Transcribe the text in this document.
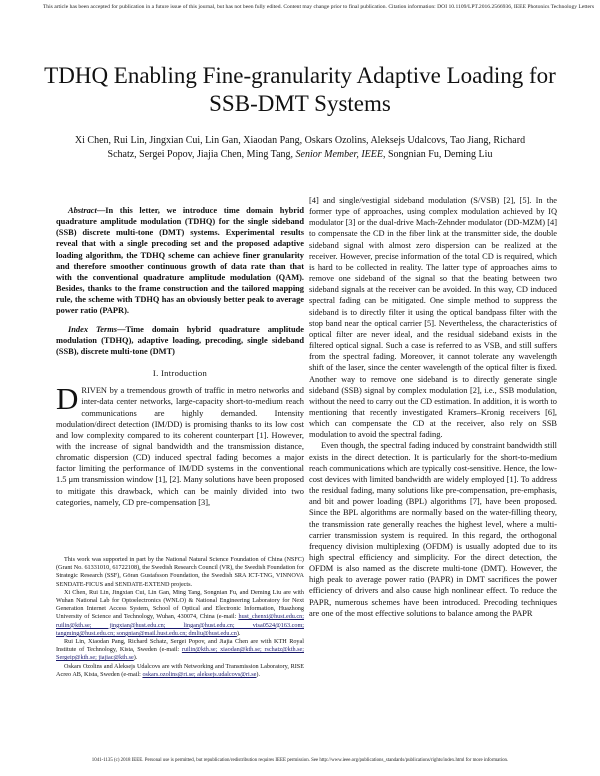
This article has been accepted for publication in a future issue of this journal, but has not been fully edited. Content may change prior to final publication. Citation information: DOI 10.1109/LPT.2016.2566936, IEEE Photonics Technology Letters
TDHQ Enabling Fine-granularity Adaptive Loading for SSB-DMT Systems
Xi Chen, Rui Lin, Jingxian Cui, Lin Gan, Xiaodan Pang, Oskars Ozolins, Aleksejs Udalcovs, Tao Jiang, Richard Schatz, Sergei Popov, Jiajia Chen, Ming Tang, Senior Member, IEEE, Songnian Fu, Deming Liu

Abstract—In this letter, we introduce time domain hybrid quadrature amplitude modulation (TDHQ) for the single sideband (SSB) discrete multi-tone (DMT) systems. Experimental results reveal that with a single precoding set and the proposed adaptive loading algorithm, the TDHQ scheme can achieve finer granularity and therefore smoother continuous growth of data rate than that with the conventional quadrature amplitude modulation (QAM). Besides, thanks to the frame construction and the tailored mapping rule, the scheme with TDHQ has an obviously better peak to average power ratio (PAPR).

Index Terms—Time domain hybrid quadrature amplitude modulation (TDHQ), adaptive loading, precoding, single sideband (SSB), discrete multi-tone (DMT)

I. Introduction

DRIVEN by a tremendous growth of traffic in metro networks and inter-data center networks, large-capacity short-to-medium reach communications are highly demanded. Intensity modulation/direct detection (IM/DD) is promising thanks to its low cost and low complexity compared to its coherent counterpart [1]. However, with the increase of signal bandwidth and the transmission distance, chromatic dispersion (CD) induced spectral fading becomes a major factor limiting the performance of IM/DD systems in the conventional 1.5 μm transmission window [1], [2]. Many solutions have been proposed to mitigate this drawback, which can be mainly divided into two categories, namely, CD pre-compensation [3],

This work was supported in part by the National Natural Science Foundation of China (NSFC) (Grant No. 61331010, 61722108), the Swedish Research Council (VR), the Swedish Foundation for Strategic Research (SSF), Göran Gustafsson Foundation, the Swedish SRA ICT-TNG, VINNOVA SENDATE-FICUS and SENDATE-EXTEND projects.

Xi Chen, Rui Lin, Jingxian Cui, Lin Gan, Ming Tang, Songnian Fu, and Deming Liu are with Wuhan National Lab for Optoelectronics (WNLO) & National Engineering Laboratory for Next Generation Internet Access System, School of Optical and Electronic Information, Huazhong University of Science and Technology, Wuhan, 430074, China (e-mail: hust_chenxi@hust.edu.cn; ruilin@kth.se; jingxian@hust.edu.cn; lingan@hust.edu.cn; visa0524@163.com; tangming@hust.edu.cn; songnian@mail.hust.edu.cn; dmliu@hust.edu.cn).

Rui Lin, Xiaodan Pang, Richard Schatz, Sergei Popov, and Jiajia Chen are with KTH Royal Institute of Technology, Kista, Sweden (e-mail: ruilin@kth.se; xiaodan@kth.se; rschatz@kth.se; Sergeip@kth.se; jiajiac@kth.se).

Oskars Ozolins and Aleksejs Udalcovs are with Networking and Transmission Laboratory, RISE Acreo AB, Kista, Sweden (e-mail: oskars.ozolins@ri.se; aleksejs.udalcovs@ri.se).

[4] and single/vestigial sideband modulation (S/VSB) [2], [5]. In the former type of approaches, using complex modulation achieved by IQ modulator [3] or the dual-drive Mach-Zehnder modulator (DD-MZM) [4] to compensate the CD in the fiber link at the transmitter side, the double sideband signal with almost zero dispersion can be realized at the receiver. However, precise information of the total CD is required, which is hard to be collected in reality. The latter type of approaches aims to remove one sideband of the signal so that the beating between two sideband signals at the receiver can be avoided. In this way, CD induced spectral fading can be mitigated. One simple method to suppress the sideband is to directly filter it using the optical bandpass filter with the stop band near the optical carrier [5]. Nevertheless, the characteristics of optical filter are never ideal, and the residual sideband exists in the filtered optical signal. Such a case is referred to as VSB, and still suffers from the spectral fading. Moreover, it cannot tolerate any wavelength shift of the laser, since the center wavelength of the optical filter is fixed. Another way to remove one sideband is to directly generate single sideband (SSB) signal by complex modulation [2], i.e., SSB modulation, without the need to carry out the CD estimation. In addition, it is worth to mentioning that recently investigated Kramers–Kronig receivers [6], which can compensate the CD at the receiver, also rely on SSB modulation to avoid the spectral fading.

Even though, the spectral fading induced by constraint bandwidth still exists in the direct detection. It is particularly for the short-to-medium reach communications which are typically cost-sensitive. Hence, the low-cost devices with limited bandwidth are widely employed [1]. To address the residual fading, many solutions like pre-compensation, pre-emphasis, and bit and power loading (BPL) algorithms [7], have been proposed. Since the BPL algorithms are normally based on the water-filling theory, the transmission rate generally reaches the highest level, where a multi-carrier transmission system is required. In this regard, the orthogonal frequency division multiplexing (OFDM) is usually adopted due to its high spectral efficiency and simplicity. For the direct detection, the OFDM is also named as the discrete multi-tone (DMT). However, the high peak to average power ratio (PAPR) in DMT sacrifices the power efficiency of drivers and also cause high nonlinear effect. To reduce the PAPR, numerous schemes have been introduced. Precoding techniques are one of the most effective solutions to balance among the PAPR

1041-1135 (c) 2018 IEEE. Personal use is permitted, but republication/redistribution requires IEEE permission. See http://www.ieee.org/publications_standards/publications/rights/index.html for more information.
